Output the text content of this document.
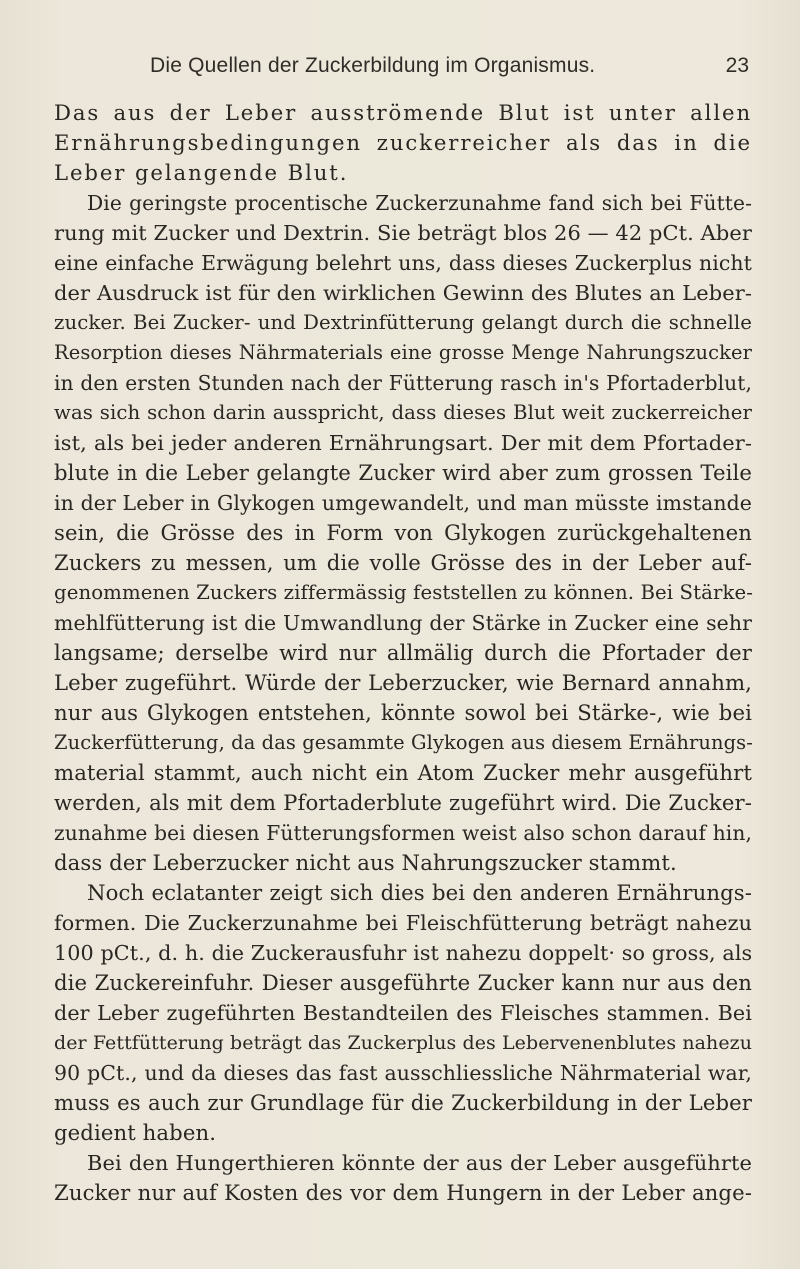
Die Quellen der Zuckerbildung im Organismus.	23
Das aus der Leber ausströmende Blut ist unter allen
Ernährungsbedingungen zuckerreicher als das in die
Leber gelangende Blut.
Die geringste procentische Zuckerzunahme fand sich bei Fütte-
rung mit Zucker und Dextrin. Sie beträgt blos 26 — 42 pCt. Aber
eine einfache Erwägung belehrt uns, dass dieses Zuckerplus nicht
der Ausdruck ist für den wirklichen Gewinn des Blutes an Leber-
zucker. Bei Zucker- und Dextrinfütterung gelangt durch die schnelle
Resorption dieses Nährmaterials eine grosse Menge Nahrungszucker
in den ersten Stunden nach der Fütterung rasch in's Pfortaderblut,
was sich schon darin ausspricht, dass dieses Blut weit zuckerreicher
ist, als bei jeder anderen Ernährungsart. Der mit dem Pfortader-
blute in die Leber gelangte Zucker wird aber zum grossen Teile
in der Leber in Glykogen umgewandelt, und man müsste imstande
sein, die Grösse des in Form von Glykogen zurückgehaltenen
Zuckers zu messen, um die volle Grösse des in der Leber auf-
genommenen Zuckers ziffermässig feststellen zu können. Bei Stärke-
mehlfütterung ist die Umwandlung der Stärke in Zucker eine sehr
langsame; derselbe wird nur allmälig durch die Pfortader der
Leber zugeführt. Würde der Leberzucker, wie Bernard annahm,
nur aus Glykogen entstehen, könnte sowol bei Stärke-, wie bei
Zuckerfütterung, da das gesammte Glykogen aus diesem Ernährungs-
material stammt, auch nicht ein Atom Zucker mehr ausgeführt
werden, als mit dem Pfortaderblute zugeführt wird. Die Zucker-
zunahme bei diesen Fütterungsformen weist also schon darauf hin,
dass der Leberzucker nicht aus Nahrungszucker stammt.
Noch eclatanter zeigt sich dies bei den anderen Ernährungs-
formen. Die Zuckerzunahme bei Fleischfütterung beträgt nahezu
100 pCt., d. h. die Zuckerausfuhr ist nahezu doppelt· so gross, als
die Zuckereinfuhr. Dieser ausgeführte Zucker kann nur aus den
der Leber zugeführten Bestandteilen des Fleisches stammen. Bei
der Fettfütterung beträgt das Zuckerplus des Lebervenenblutes nahezu
90 pCt., und da dieses das fast ausschliessliche Nährmaterial war,
muss es auch zur Grundlage für die Zuckerbildung in der Leber
gedient haben.
Bei den Hungerthieren könnte der aus der Leber ausgeführte
Zucker nur auf Kosten des vor dem Hungern in der Leber ange-
